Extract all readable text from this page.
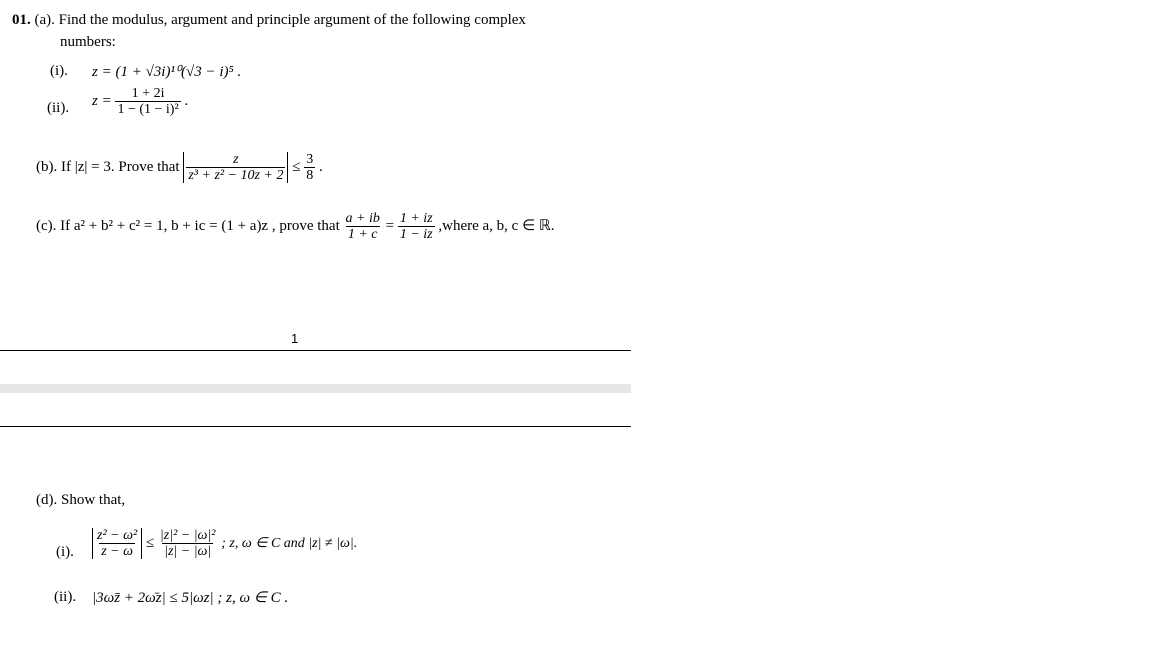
01. (a). Find the modulus, argument and principle argument of the following complex
numbers:
(i). z = (1 + √3i)¹⁰(√3 − i)⁵ .
(ii). $z = \frac{1 + 2i}{\text{1 − (1 − i)²}}$ .
(b). If |z| = 3. Prove that $\frac{z}{\text{z³ + z² − 10z + 2}} \le \frac{3}{8}$ .
(c). If a² + b² + c² = 1, b + ic = (1 + a)z , prove that $\frac{a + ib}{1 + c} = \frac{1 + iz}{1 - iz}$ ,where a, b, c ∈ ℝ.
1
(d). Show that,
(i). $\frac{\text{z² − ω²}}{z - \omega} \le \frac{\text{|z|² − |ω|²}}{|z| - |\omega|}$ ; z, ω ∈ C and |z| ≠ |ω|.
(ii). |3ωz̄ + 2ω̄z| ≤ 5|ωz| ; z, ω ∈ C .
